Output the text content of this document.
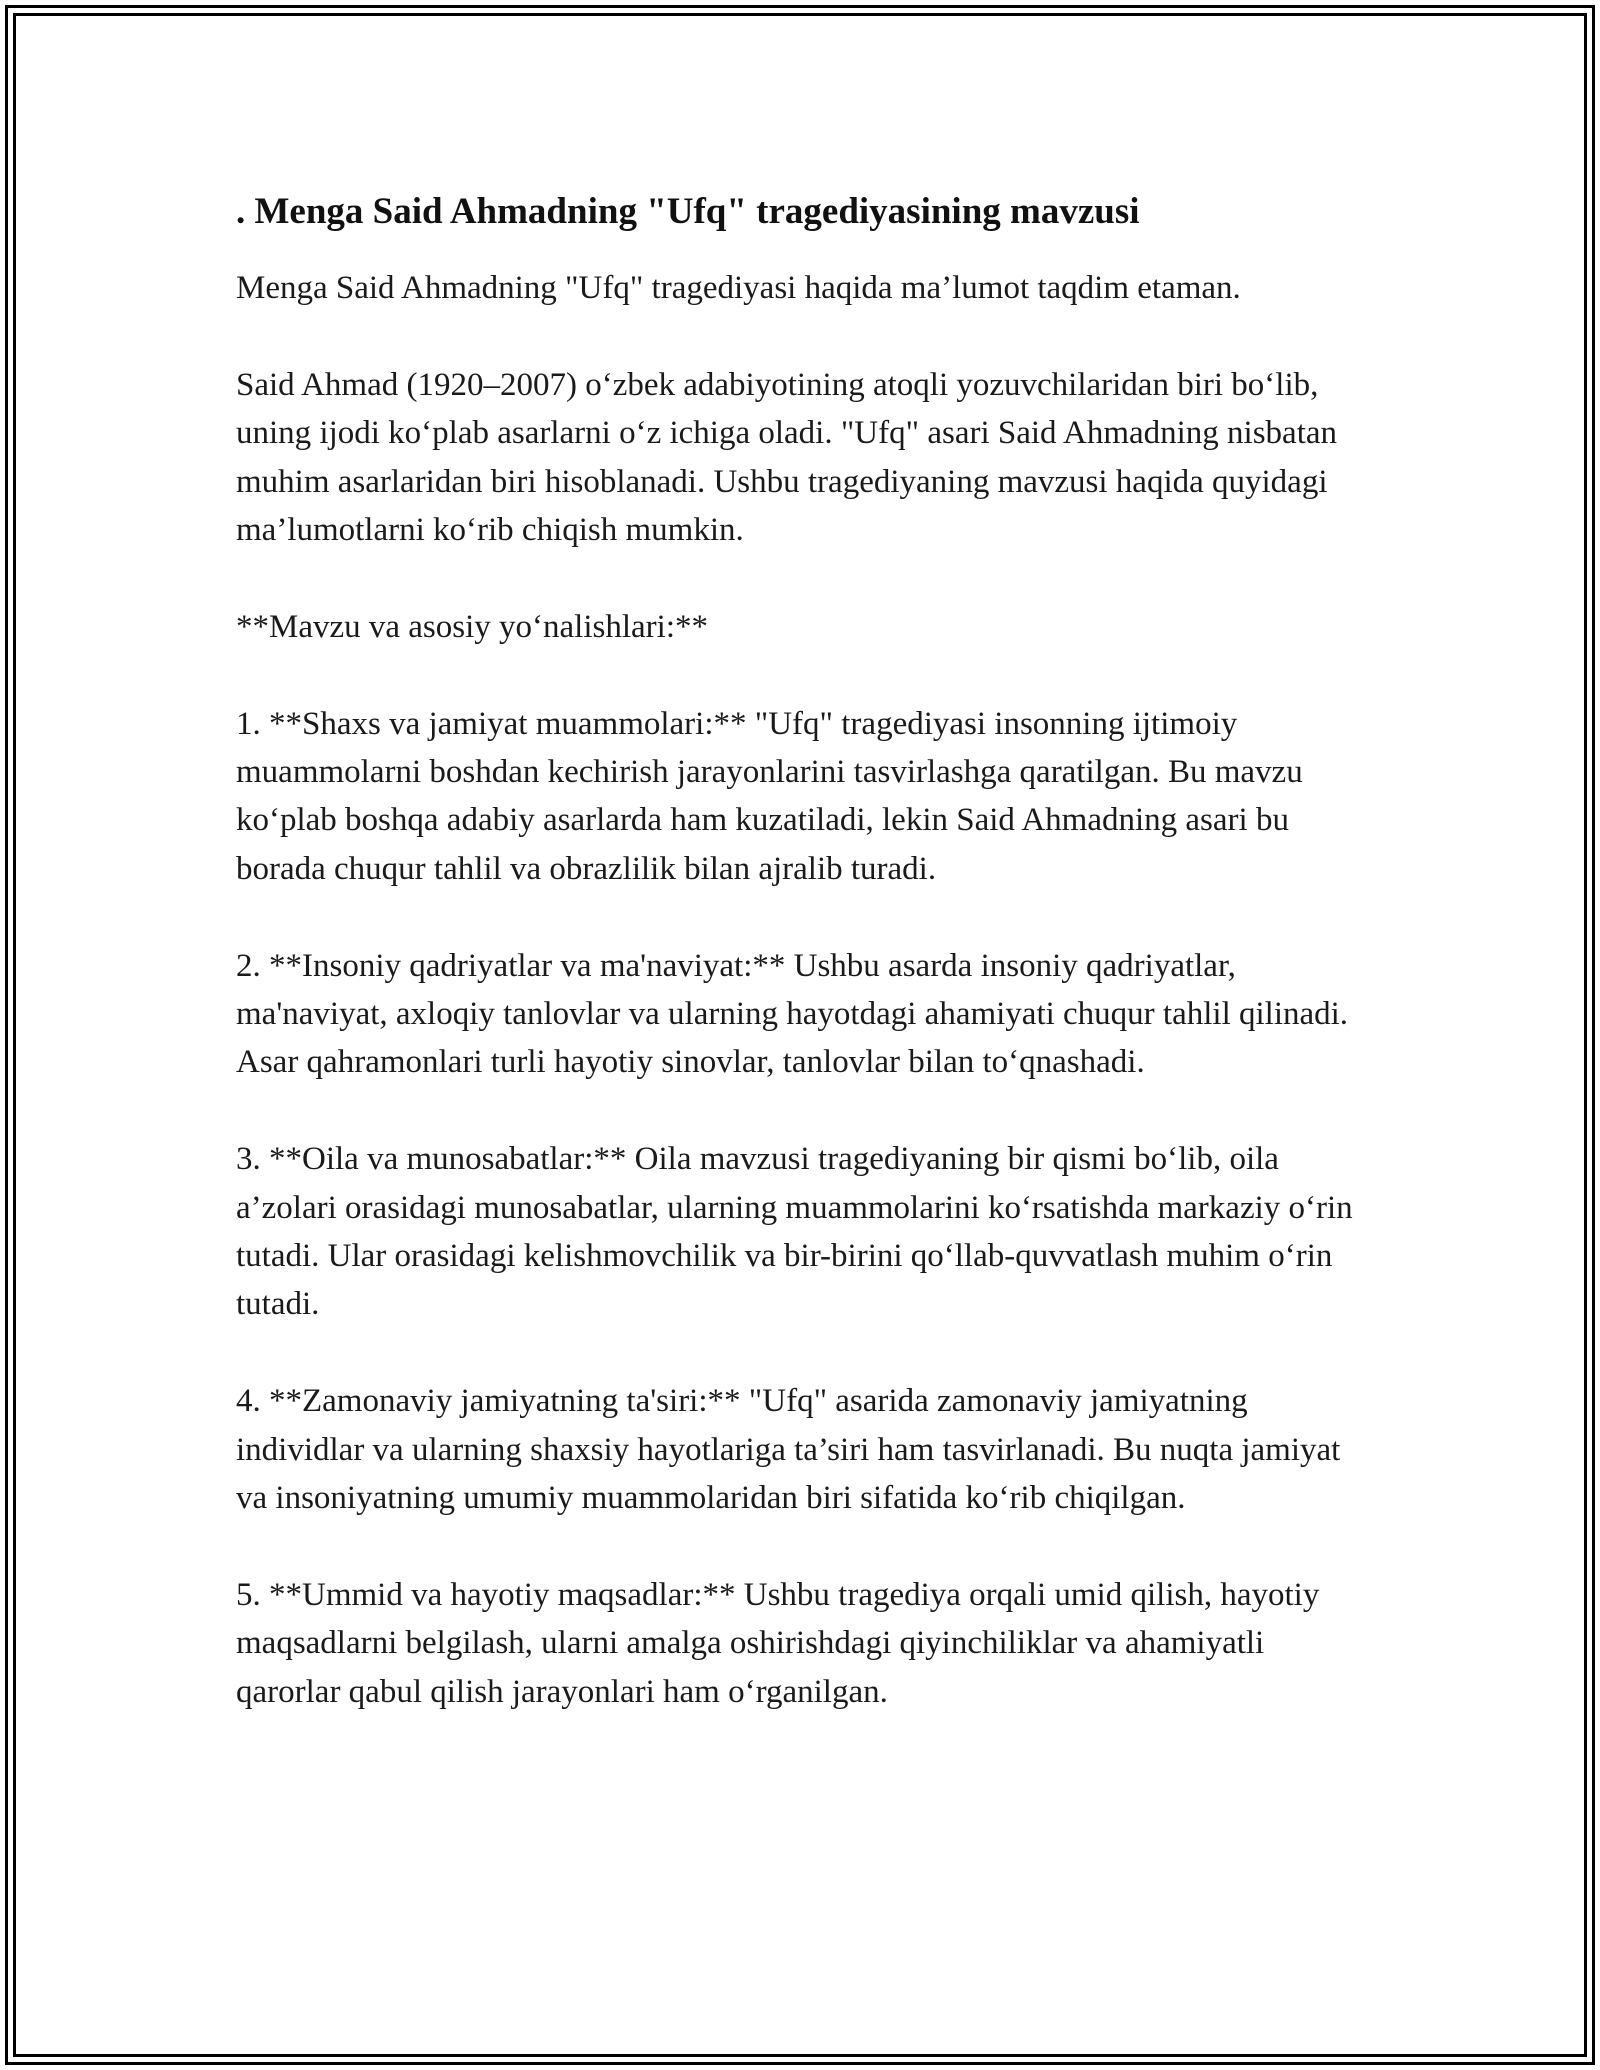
. Menga Said Ahmadning "Ufq" tragediyasining mavzusi

Menga Said Ahmadning "Ufq" tragediyasi haqida ma’lumot taqdim etaman.

Said Ahmad (1920–2007) o‘zbek adabiyotining atoqli yozuvchilaridan biri bo‘lib, uning ijodi ko‘plab asarlarni o‘z ichiga oladi. "Ufq" asari Said Ahmadning nisbatan muhim asarlaridan biri hisoblanadi. Ushbu tragediyaning mavzusi haqida quyidagi ma’lumotlarni ko‘rib chiqish mumkin.

**Mavzu va asosiy yo‘nalishlari:**

1. **Shaxs va jamiyat muammolari:** "Ufq" tragediyasi insonning ijtimoiy muammolarni boshdan kechirish jarayonlarini tasvirlashga qaratilgan. Bu mavzu ko‘plab boshqa adabiy asarlarda ham kuzatiladi, lekin Said Ahmadning asari bu borada chuqur tahlil va obrazlilik bilan ajralib turadi.

2. **Insoniy qadriyatlar va ma'naviyat:** Ushbu asarda insoniy qadriyatlar, ma'naviyat, axloqiy tanlovlar va ularning hayotdagi ahamiyati chuqur tahlil qilinadi. Asar qahramonlari turli hayotiy sinovlar, tanlovlar bilan to‘qnashadi.

3. **Oila va munosabatlar:** Oila mavzusi tragediyaning bir qismi bo‘lib, oila a’zolari orasidagi munosabatlar, ularning muammolarini ko‘rsatishda markaziy o‘rin tutadi. Ular orasidagi kelishmovchilik va bir-birini qo‘llab-quvvatlash muhim o‘rin tutadi.

4. **Zamonaviy jamiyatning ta'siri:** "Ufq" asarida zamonaviy jamiyatning individlar va ularning shaxsiy hayotlariga ta’siri ham tasvirlanadi. Bu nuqta jamiyat va insoniyatning umumiy muammolaridan biri sifatida ko‘rib chiqilgan.

5. **Ummid va hayotiy maqsadlar:** Ushbu tragediya orqali umid qilish, hayotiy maqsadlarni belgilash, ularni amalga oshirishdagi qiyinchiliklar va ahamiyatli qarorlar qabul qilish jarayonlari ham o‘rganilgan.
